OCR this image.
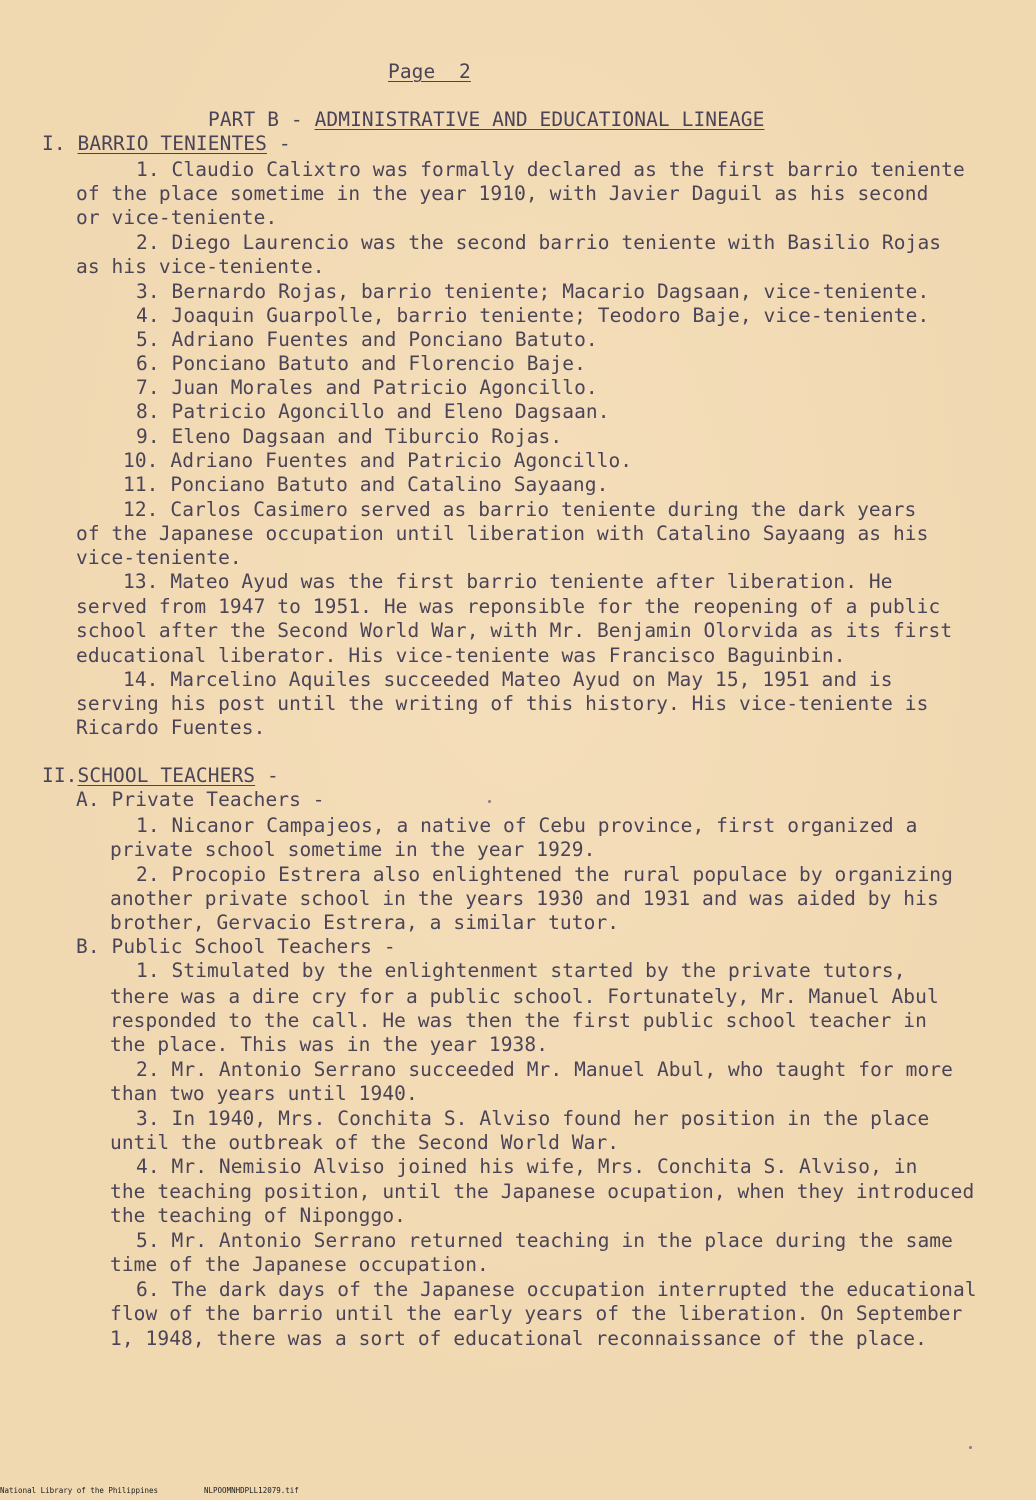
Page  2
PART B - ADMINISTRATIVE AND EDUCATIONAL LINEAGE
I. BARRIO TENIENTES -
1. Claudio Calixtro was formally declared as the first barrio teniente
of the place sometime in the year 1910, with Javier Daguil as his second
or vice-teniente.
2. Diego Laurencio was the second barrio teniente with Basilio Rojas
as his vice-teniente.
3. Bernardo Rojas, barrio teniente; Macario Dagsaan, vice-teniente.
4. Joaquin Guarpolle, barrio teniente; Teodoro Baje, vice-teniente.
5. Adriano Fuentes and Ponciano Batuto.
6. Ponciano Batuto and Florencio Baje.
7. Juan Morales and Patricio Agoncillo.
8. Patricio Agoncillo and Eleno Dagsaan.
9. Eleno Dagsaan and Tiburcio Rojas.
10. Adriano Fuentes and Patricio Agoncillo.
11. Ponciano Batuto and Catalino Sayaang.
12. Carlos Casimero served as barrio teniente during the dark years
of the Japanese occupation until liberation with Catalino Sayaang as his
vice-teniente.
13. Mateo Ayud was the first barrio teniente after liberation. He
served from 1947 to 1951. He was reponsible for the reopening of a public
school after the Second World War, with Mr. Benjamin Olorvida as its first
educational liberator. His vice-teniente was Francisco Baguinbin.
14. Marcelino Aquiles succeeded Mateo Ayud on May 15, 1951 and is
serving his post until the writing of this history. His vice-teniente is
Ricardo Fuentes.
II.SCHOOL TEACHERS -
A. Private Teachers -
1. Nicanor Campajeos, a native of Cebu province, first organized a
private school sometime in the year 1929.
2. Procopio Estrera also enlightened the rural populace by organizing
another private school in the years 1930 and 1931 and was aided by his
brother, Gervacio Estrera, a similar tutor.
B. Public School Teachers -
1. Stimulated by the enlightenment started by the private tutors,
there was a dire cry for a public school. Fortunately, Mr. Manuel Abul
responded to the call. He was then the first public school teacher in
the place. This was in the year 1938.
2. Mr. Antonio Serrano succeeded Mr. Manuel Abul, who taught for more
than two years until 1940.
3. In 1940, Mrs. Conchita S. Alviso found her position in the place
until the outbreak of the Second World War.
4. Mr. Nemisio Alviso joined his wife, Mrs. Conchita S. Alviso, in
the teaching position, until the Japanese ocupation, when they introduced
the teaching of Niponggo.
5. Mr. Antonio Serrano returned teaching in the place during the same
time of the Japanese occupation.
6. The dark days of the Japanese occupation interrupted the educational
flow of the barrio until the early years of the liberation. On September
1, 1948, there was a sort of educational reconnaissance of the place.
National Library of the Philippines	NLPOOMNHDPLL12079.tif
